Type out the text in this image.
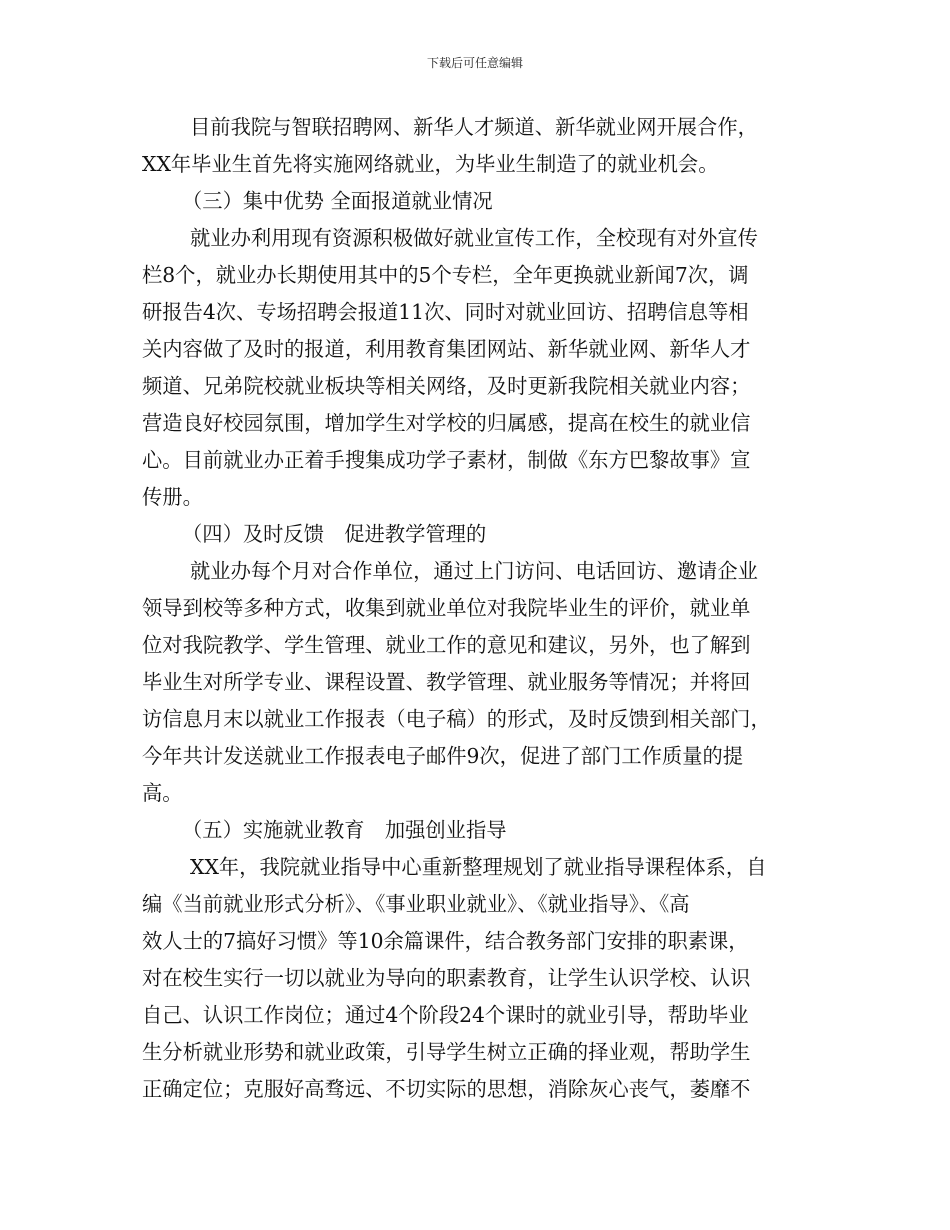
下载后可任意编辑
目前我院与智联招聘网、新华人才频道、新华就业网开展合作，
XX年毕业生首先将实施网络就业，为毕业生制造了的就业机会。
（三）集中优势 全面报道就业情况
就业办利用现有资源积极做好就业宣传工作，全校现有对外宣传
栏8个，就业办长期使用其中的5个专栏，全年更换就业新闻7次，调
研报告4次、专场招聘会报道11次、同时对就业回访、招聘信息等相
关内容做了及时的报道，利用教育集团网站、新华就业网、新华人才
频道、兄弟院校就业板块等相关网络，及时更新我院相关就业内容；
营造良好校园氛围，增加学生对学校的归属感，提高在校生的就业信
心。目前就业办正着手搜集成功学子素材，制做《东方巴黎故事》宣
传册。
（四）及时反馈　促进教学管理的
就业办每个月对合作单位，通过上门访问、电话回访、邀请企业
领导到校等多种方式，收集到就业单位对我院毕业生的评价，就业单
位对我院教学、学生管理、就业工作的意见和建议，另外，也了解到
毕业生对所学专业、课程设置、教学管理、就业服务等情况；并将回
访信息月末以就业工作报表（电子稿）的形式，及时反馈到相关部门，
今年共计发送就业工作报表电子邮件9次，促进了部门工作质量的提
高。
（五）实施就业教育　加强创业指导
XX年，我院就业指导中心重新整理规划了就业指导课程体系，自
编《当前就业形式分析》、《事业职业就业》、《就业指导》、《高
效人士的7搞好习惯》等10余篇课件，结合教务部门安排的职素课，
对在校生实行一切以就业为导向的职素教育，让学生认识学校、认识
自己、认识工作岗位；通过4个阶段24个课时的就业引导，帮助毕业
生分析就业形势和就业政策，引导学生树立正确的择业观，帮助学生
正确定位；克服好高骛远、不切实际的思想，消除灰心丧气，萎靡不
